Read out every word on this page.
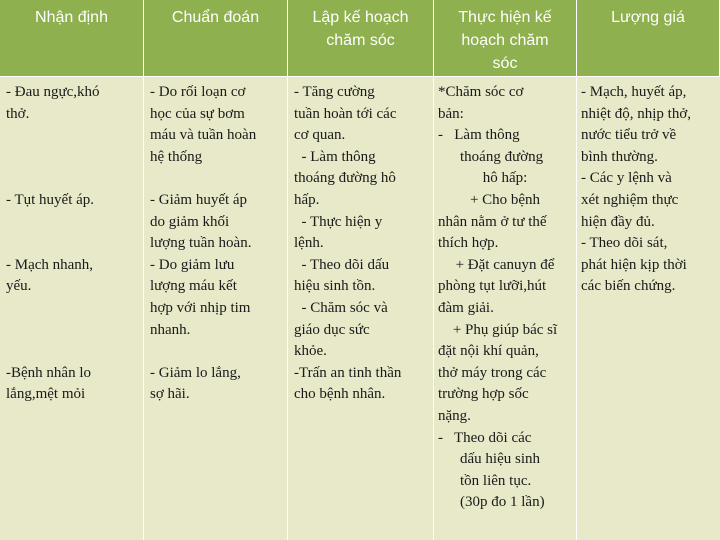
Nhận định	Chuẩn đoán	Lập kế hoạch chăm sóc
Thực hiện kế hoạch chăm sóc
Lượng giá
- Đau ngực,khó
thở.
- Tụt huyết áp.
- Mạch nhanh,
yếu.
-Bệnh nhân lo
lắng,mệt mỏi
- Do rối loạn cơ
học của sự bơm
máu và tuần hoàn
hệ thống
- Giảm huyết áp
do giảm khối
lượng tuần hoàn.
- Do giảm lưu
lượng máu kết
hợp với nhịp tim
nhanh.
- Giảm lo lắng,
sợ hãi.
- Tăng cường
tuần hoàn tới các
cơ quan.
- Làm thông
thoáng đường hô
hấp.
- Thực hiện y
lệnh.
- Theo dõi dấu
hiệu sinh tồn.
- Chăm sóc và
giáo dục sức
khỏe.
-Trấn an tinh thần
cho bệnh nhân.
*Chăm sóc cơ
bản:
-   Làm thông
thoáng đường
hô hấp:
+ Cho bệnh
nhân nằm ở tư thế
thích hợp.
+ Đặt canuyn để
phòng tụt lưỡi,hút
đàm giải.
+ Phụ giúp bác sĩ
đặt nội khí quản,
thở máy trong các
trường hợp sốc
nặng.
-   Theo dõi các
dấu hiệu sinh
tồn liên tục.
(30p đo 1 lần)
- Mạch, huyết áp,
nhiệt độ, nhịp thở,
nước tiểu trở về
bình thường.
- Các y lệnh và
xét nghiệm thực
hiện đầy đủ.
- Theo dõi sát,
phát hiện kịp thời
các biến chứng.
